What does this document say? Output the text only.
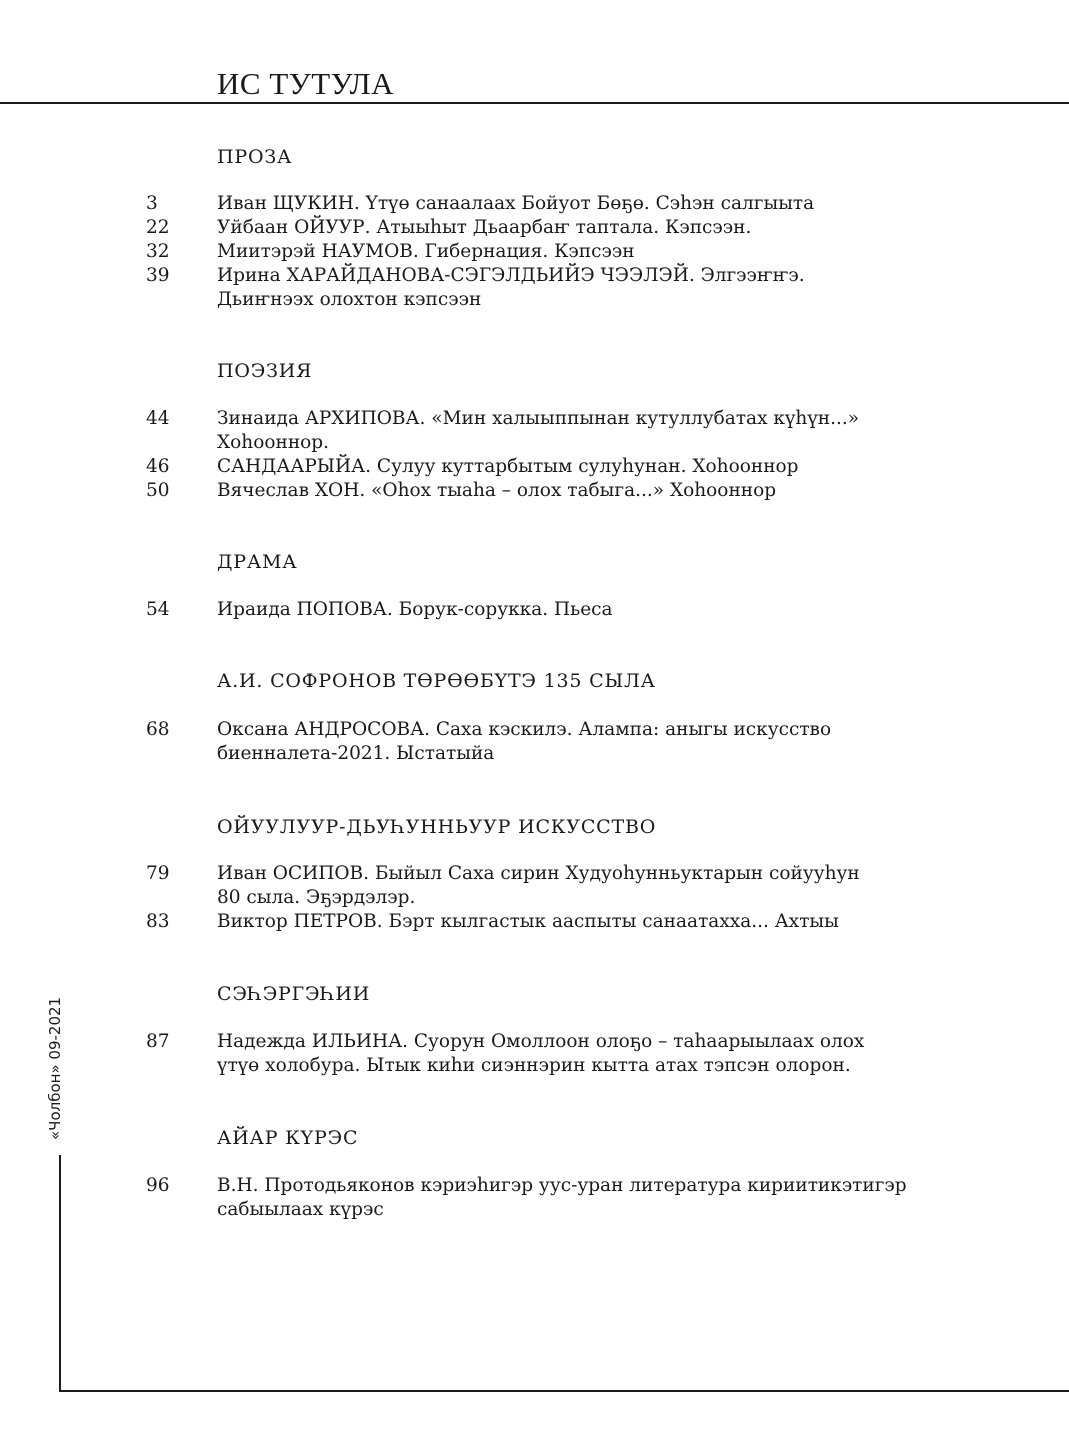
ИС ТУТУЛА
ПРОЗА
3	Иван ЩУКИН. Үтүө санаалаах Бойуот Бөҕө. Сэһэн салгыыта
22	Уйбаан ОЙУУР. Атыыһыт Дьаарбаҥ таптала. Кэпсээн.
32	Миитэрэй НАУМОВ. Гибернация. Кэпсээн
39	Ирина ХАРАЙДАНОВА-СЭГЭЛДЬИЙЭ ЧЭЭЛЭЙ. Элгээҥҥэ.
Дьиҥнээх олохтон кэпсээн
ПОЭЗИЯ
44	Зинаида АРХИПОВА. «Мин халыыппынан кутуллубатах күһүн...»
Хоһооннор.
46	САНДААРЫЙА. Сулуу куттарбытым сулуһунан. Хоһооннор
50	Вячеслав ХОН. «Оһох тыаһа – олох табыга...» Хоһооннор
ДРАМА
54	Ираида ПОПОВА. Борук-сорукка. Пьеса
А.И. СОФРОНОВ ТӨРӨӨБҮТЭ 135 СЫЛА
68	Оксана АНДРОСОВА. Саха кэскилэ. Алампа: аныгы искусство
биенналета-2021. Ыстатыйа
ОЙУУЛУУР-ДЬУҺУННЬУУР ИСКУССТВО
79	Иван ОСИПОВ. Быйыл Саха сирин Худуоһунньуктарын сойууһун
80 сыла. Эҕэрдэлэр.
83	Виктор ПЕТРОВ. Бэрт кылгастык ааспыты санаатахха... Ахтыы
СЭҺЭРГЭҺИИ
87	Надежда ИЛЬИНА. Суорун Омоллоон олоҕо – таһаарыылаах олох
үтүө холобура. Ытык киһи сиэннэрин кытта атах тэпсэн олорон.
АЙАР КҮРЭС
96	В.Н. Протодьяконов кэриэһигэр уус-уран литература кириитикэтигэр
сабыылаах күрэс
«Чолбон» 09-2021
